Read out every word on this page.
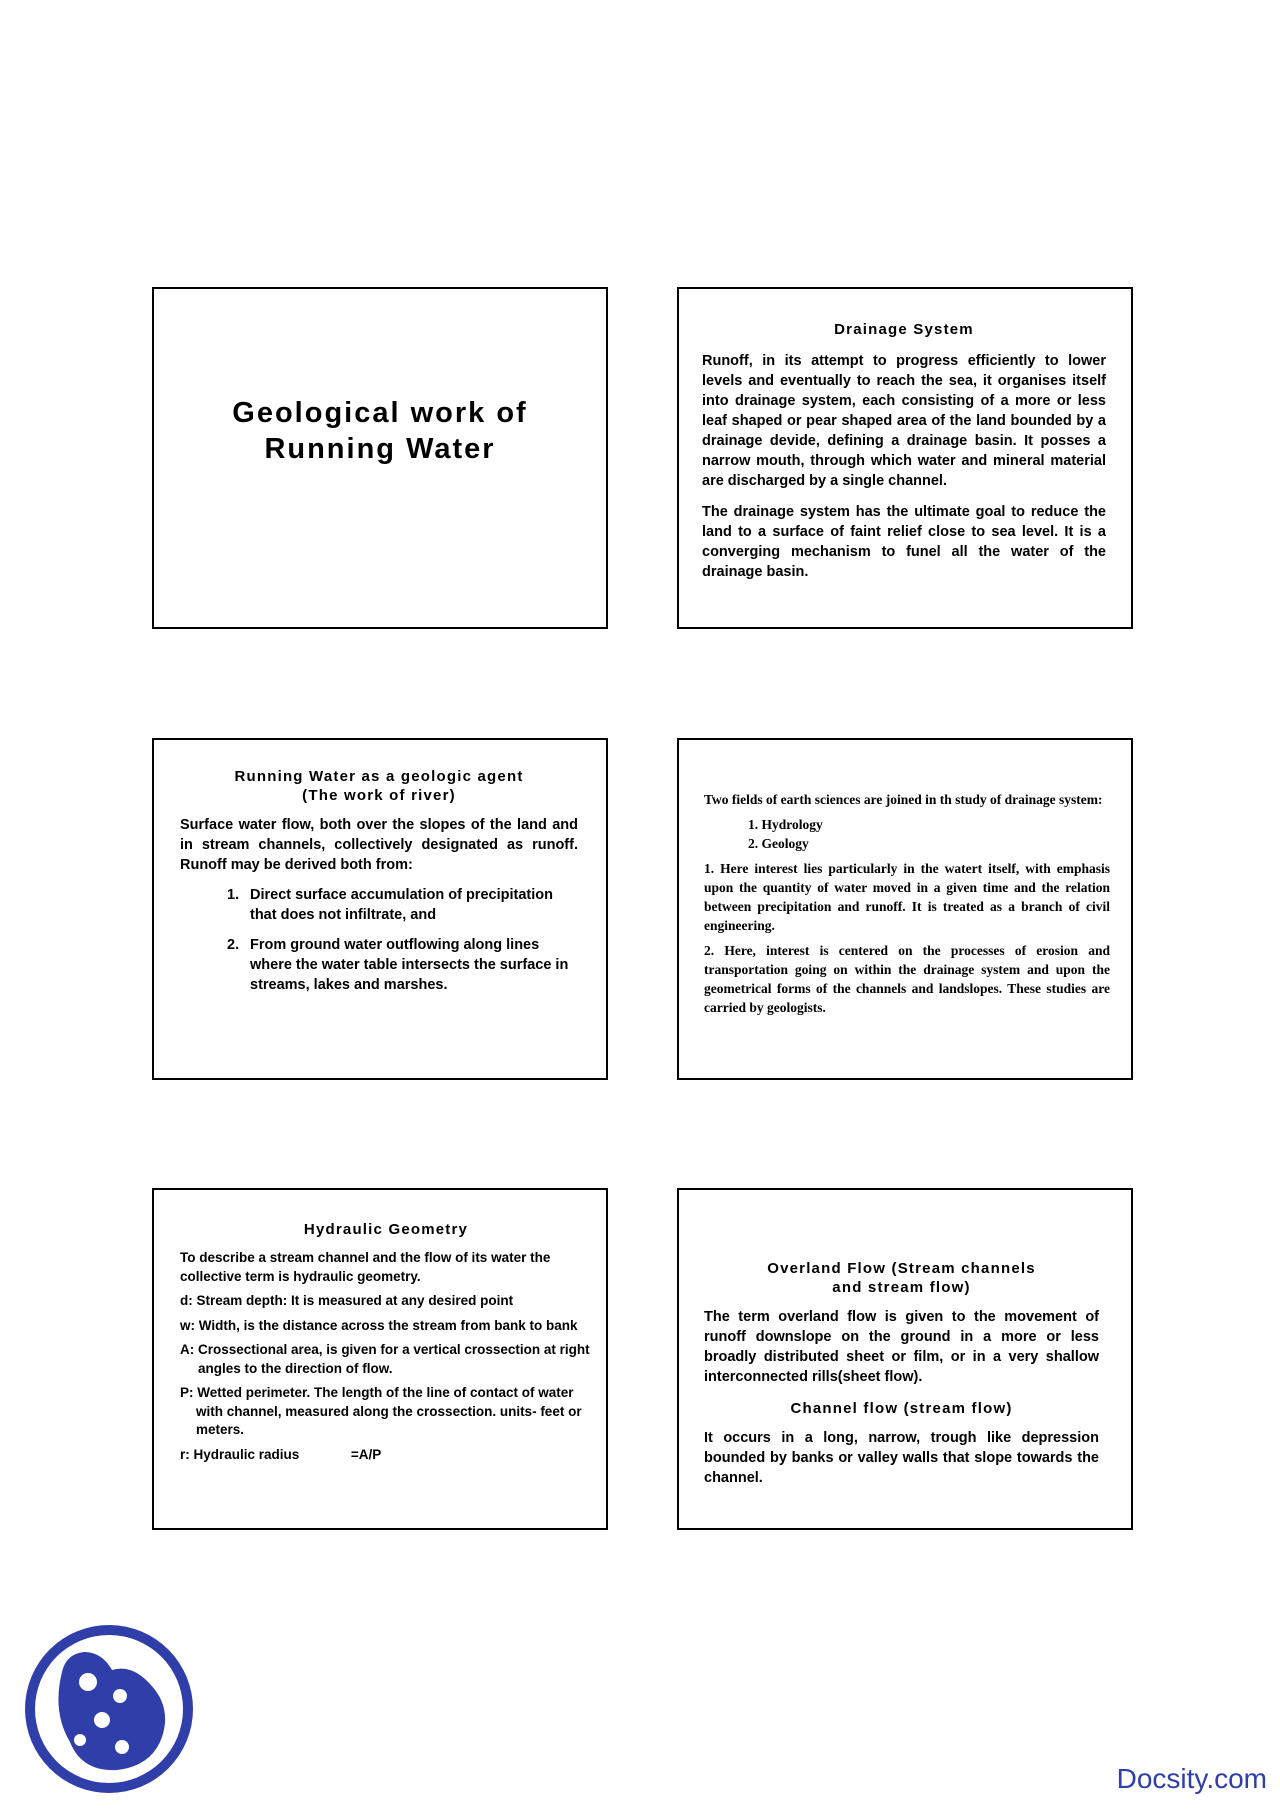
Geological work of
Running Water
Drainage System

Runoff, in its attempt to progress efficiently to lower levels and eventually to reach the sea, it organises itself into drainage system, each consisting of a more or less leaf shaped or pear shaped area of the land bounded by a drainage devide, defining a drainage basin. It posses a narrow mouth, through which water and mineral material are discharged by a single channel.

The drainage system has the ultimate goal to reduce the land to a surface of faint relief close to sea level. It is a converging mechanism to funel all the water of the drainage basin.

Running Water as a geologic agent
(The work of river)

Surface water flow, both over the slopes of the land and in stream channels, collectively designated as runoff. Runoff may be derived both from:

1. Direct surface accumulation of precipitation that does not infiltrate, and
2. From ground water outflowing along lines where the water table intersects the surface in streams, lakes and marshes.

Two fields of earth sciences are joined in th study of drainage system:

1. Hydrology
2. Geology

1. Here interest lies particularly in the watert itself, with emphasis upon the quantity of water moved in a given time and the relation between precipitation and runoff. It is treated as a branch of civil engineering.

2. Here, interest is centered on the processes of erosion and transportation going on within the drainage system and upon the geometrical forms of the channels and landslopes. These studies are carried by geologists.

Hydraulic Geometry
To describe a stream channel and the flow of its water the collective term is hydraulic geometry.
d: Stream depth: It is measured at any desired point
w: Width, is the distance across the stream from bank to bank
A: Crossectional area, is given for a vertical crossection at right angles to the direction of flow.
P: Wetted perimeter. The length of the line of contact of water with channel, measured along the crossection. units- feet or meters.
r: Hydraulic radius	=A/P
Overland Flow (Stream channels
and stream flow)

The term overland flow is given to the movement of runoff downslope on the ground in a more or less broadly distributed sheet or film, or in a very shallow interconnected rills(sheet flow).

Channel flow (stream flow)

It occurs in a long, narrow, trough like depression bounded by banks or valley walls that slope towards the channel.

Docsity.com
